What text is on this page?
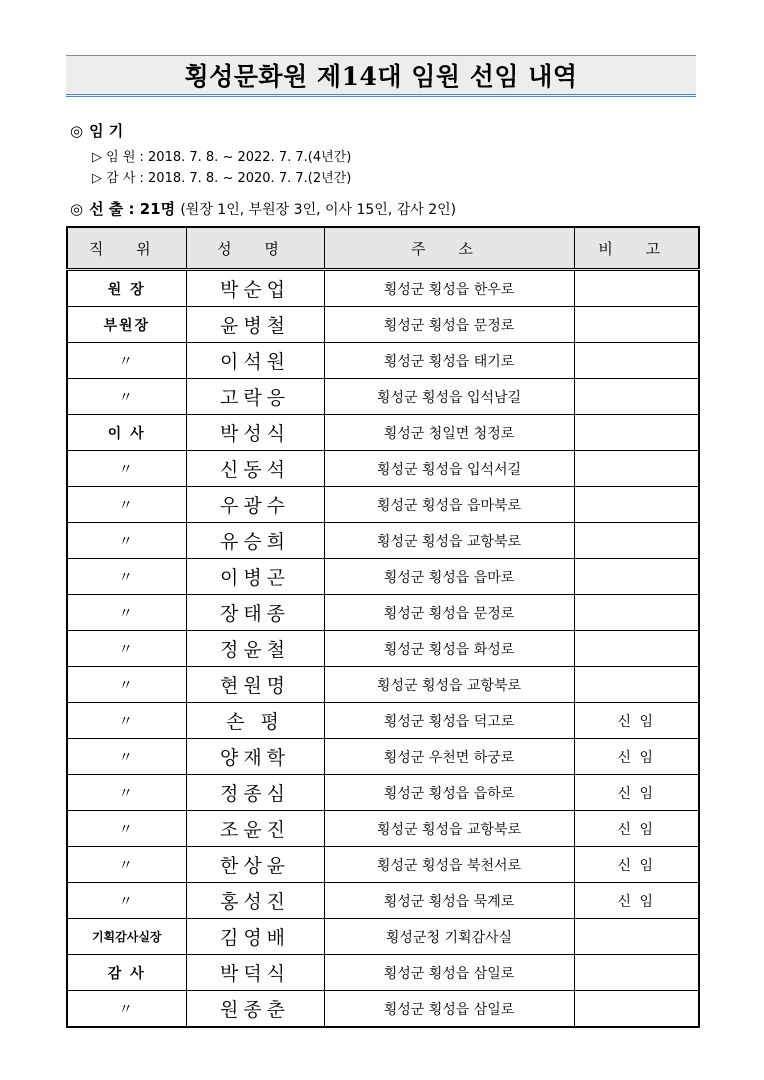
횡성문화원 제14대 임원 선임 내역
◎ 임 기
▷ 임 원 : 2018. 7. 8. ~ 2022. 7. 7.(4년간)
▷ 감 사 : 2018. 7. 8. ~ 2020. 7. 7.(2년간)
◎ 선 출 : 21명 (원장 1인, 부원장 3인, 이사 15인, 감사 2인)
직 위	성 명	주 소	비 고
원 장	박순업	횡성군 횡성읍 한우로	
부원장	윤병철	횡성군 횡성읍 문정로	
〃	이석원	횡성군 횡성읍 태기로	
〃	고락응	횡성군 횡성읍 입석남길	
이 사	박성식	횡성군 청일면 청정로	
〃	신동석	횡성군 횡성읍 입석서길	
〃	우광수	횡성군 횡성읍 읍마북로	
〃	유승희	횡성군 횡성읍 교항북로	
〃	이병곤	횡성군 횡성읍 읍마로	
〃	장태종	횡성군 횡성읍 문정로	
〃	정윤철	횡성군 횡성읍 화성로	
〃	현원명	횡성군 횡성읍 교항북로	
〃	손 평	횡성군 횡성읍 덕고로	신 임
〃	양재학	횡성군 우천면 하궁로	신 임
〃	정종심	횡성군 횡성읍 읍하로	신 임
〃	조윤진	횡성군 횡성읍 교항북로	신 임
〃	한상윤	횡성군 횡성읍 북천서로	신 임
〃	홍성진	횡성군 횡성읍 묵계로	신 임
기획감사실장	김영배	횡성군청 기획감사실	
감 사	박덕식	횡성군 횡성읍 삼일로	
〃	원종춘	횡성군 횡성읍 삼일로	
